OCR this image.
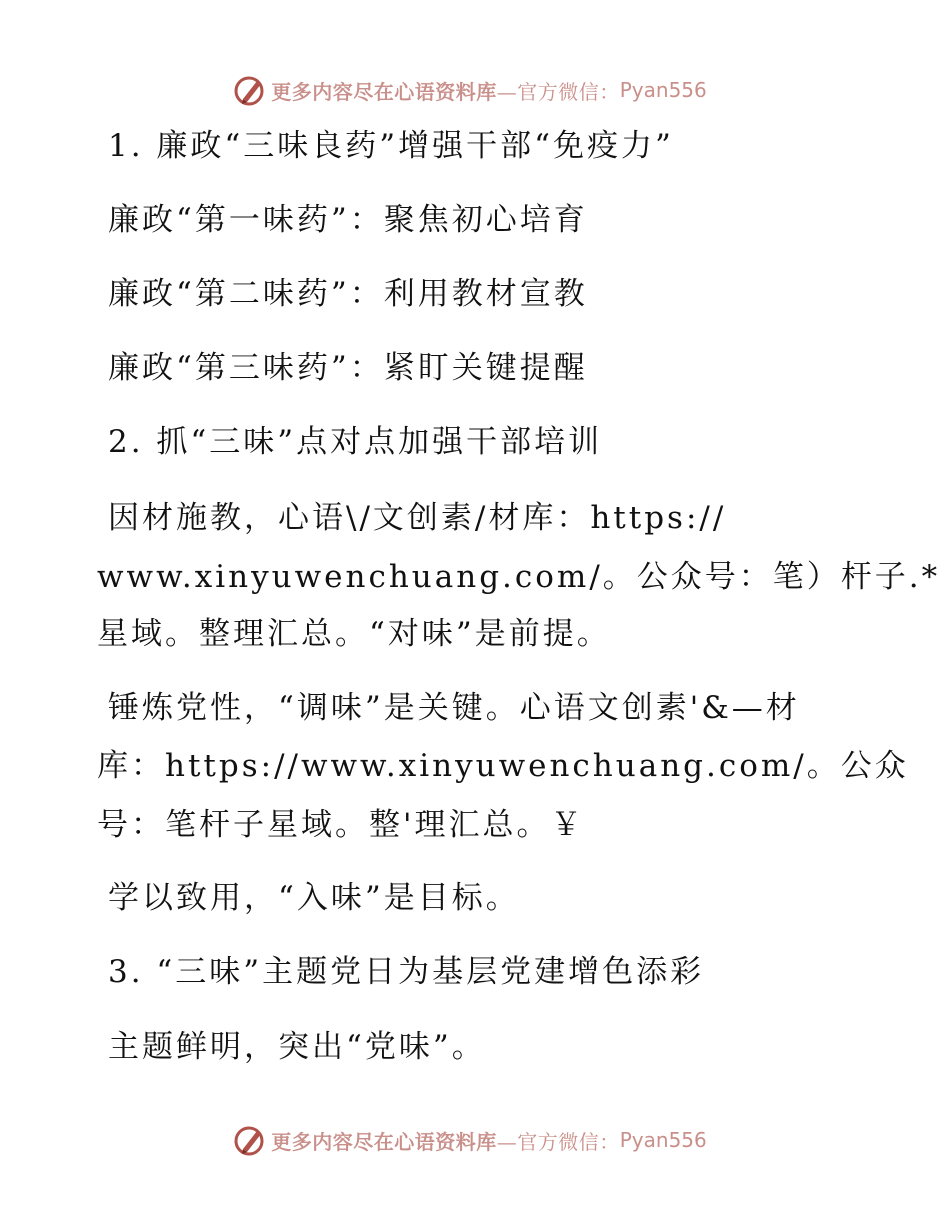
更多内容尽在心语资料库 —官方微信： Pyan556

1. 廉政“三味良药”增强干部“免疫力”

廉政“第一味药”：聚焦初心培育

廉政“第二味药”：利用教材宣教

廉政“第三味药”：紧盯关键提醒

2. 抓“三味”点对点加强干部培训

因材施教，心语\/文创素/材库：https://

www.xinyuwenchuang.com/。公众号：笔）杆子.*

星域。整理汇总。“对味”是前提。

锤炼党性，“调味”是关键。心语文创素'&—材

库：https://www.xinyuwenchuang.com/。公众

号：笔杆子星域。整'理汇总。￥

学以致用，“入味”是目标。

3. “三味”主题党日为基层党建增色添彩

主题鲜明，突出“党味”。

更多内容尽在心语资料库 —官方微信： Pyan556
